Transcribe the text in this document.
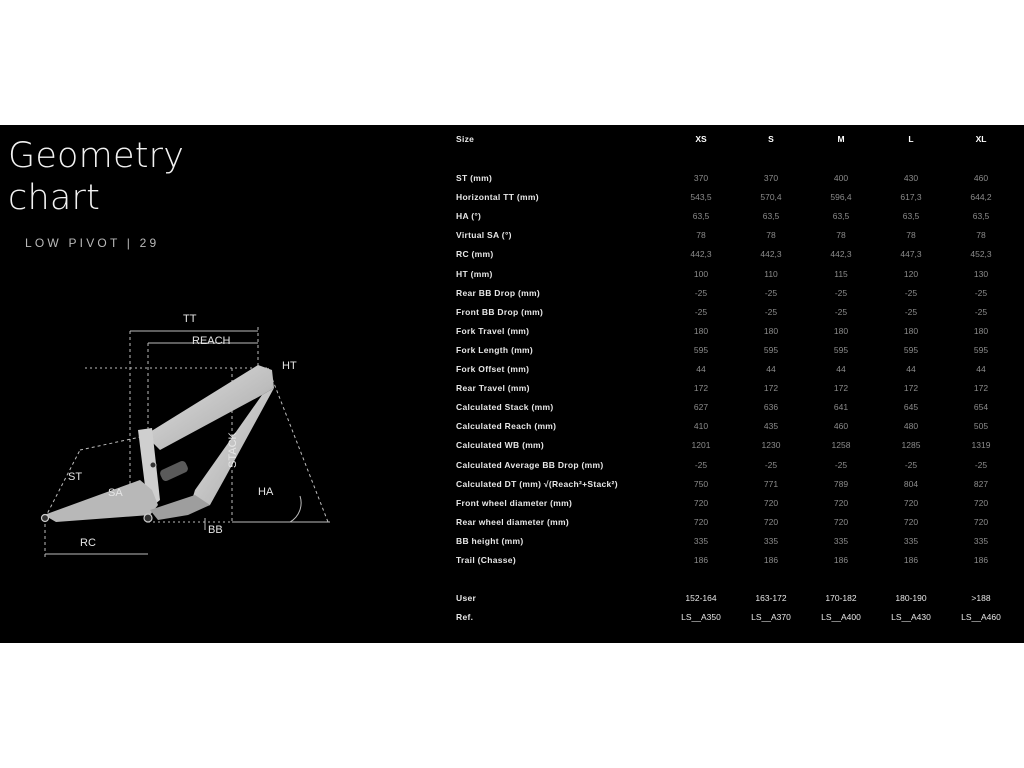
Geometry
chart
LOW PIVOT | 29
TT
REACH
HT
STACK
ST
SA	HA
RC
BB
Size	XS	S	M	L	XL
ST (mm)	370	370	400	430	460
Horizontal TT (mm)	543,5	570,4	596,4	617,3	644,2
HA (°)	63,5	63,5	63,5	63,5	63,5
Virtual SA (°)	78	78	78	78	78
RC (mm)	442,3	442,3	442,3	447,3	452,3
HT (mm)	100	110	115	120	130
Rear BB Drop (mm)	-25	-25	-25	-25	-25
Front BB Drop (mm)	-25	-25	-25	-25	-25
Fork Travel (mm)	180	180	180	180	180
Fork Length (mm)	595	595	595	595	595
Fork Offset (mm)	44	44	44	44	44
Rear Travel (mm)	172	172	172	172	172
Calculated Stack (mm)	627	636	641	645	654
Calculated Reach (mm)	410	435	460	480	505
Calculated WB (mm)	1201	1230	1258	1285	1319
Calculated Average BB Drop (mm)	-25	-25	-25	-25	-25
Calculated DT (mm) √(Reach²+Stack²)	750	771	789	804	827
Front wheel diameter (mm)	720	720	720	720	720
Rear wheel diameter (mm)	720	720	720	720	720
BB height (mm)	335	335	335	335	335
Trail (Chasse)	186	186	186	186	186
User	152-164	163-172	170-182	180-190	>188
Ref.	LS__A350	LS__A370	LS__A400	LS__A430	LS__A460
